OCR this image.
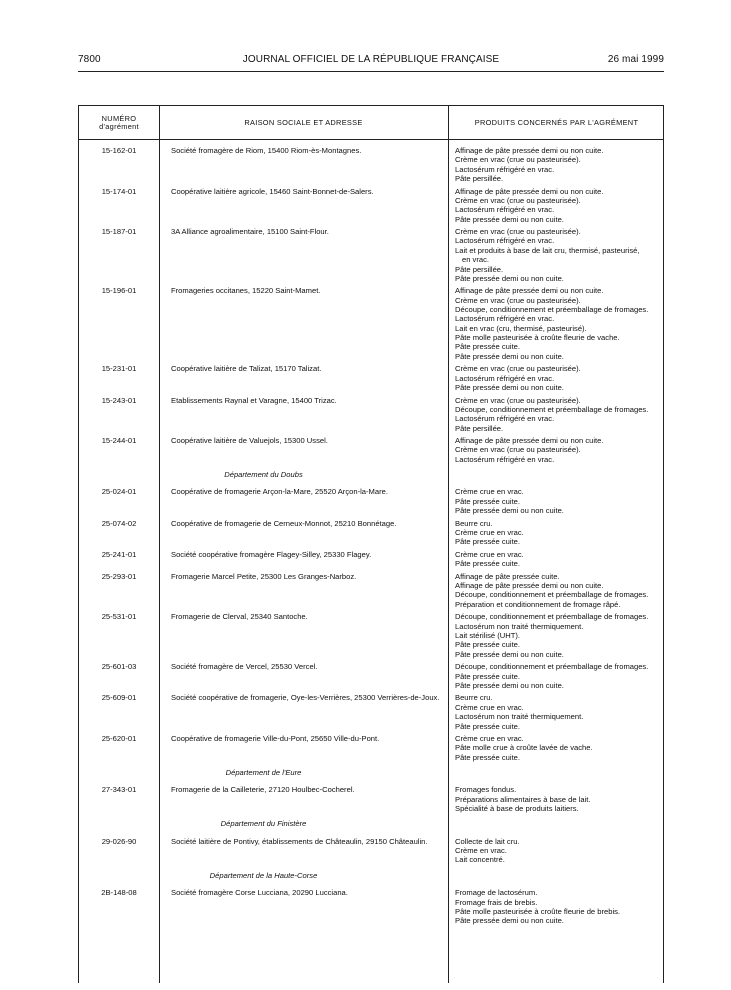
7800	JOURNAL OFFICIEL DE LA RÉPUBLIQUE FRANÇAISE	26 mai 1999
NUMÉRO
d'agrément	RAISON SOCIALE ET ADRESSE	PRODUITS CONCERNÉS PAR L'AGRÉMENT
15-162-01	Société fromagère de Riom, 15400 Riom-ès-Montagnes.	Affinage de pâte pressée demi ou non cuite.
Crème en vrac (crue ou pasteurisée).
Lactosérum réfrigéré en vrac.
Pâte persillée.
15-174-01	Coopérative laitière agricole, 15460 Saint-Bonnet-de-Salers.	Affinage de pâte pressée demi ou non cuite.
Crème en vrac (crue ou pasteurisée).
Lactosérum réfrigéré en vrac.
Pâte pressée demi ou non cuite.
15-187-01	3A Alliance agroalimentaire, 15100 Saint-Flour.	Crème en vrac (crue ou pasteurisée).
Lactosérum réfrigéré en vrac.
Lait et produits à base de lait cru, thermisé, pasteurisé,
en vrac.
Pâte persillée.
Pâte pressée demi ou non cuite.
15-196-01	Fromageries occitanes, 15220 Saint-Mamet.	Affinage de pâte pressée demi ou non cuite.
Crème en vrac (crue ou pasteurisée).
Découpe, conditionnement et préemballage de fromages.
Lactosérum réfrigéré en vrac.
Lait en vrac (cru, thermisé, pasteurisé).
Pâte molle pasteurisée à croûte fleurie de vache.
Pâte pressée cuite.
Pâte pressée demi ou non cuite.
15-231-01	Coopérative laitière de Talizat, 15170 Talizat.	Crème en vrac (crue ou pasteurisée).
Lactosérum réfrigéré en vrac.
Pâte pressée demi ou non cuite.
15-243-01	Etablissements Raynal et Varagne, 15400 Trizac.	Crème en vrac (crue ou pasteurisée).
Découpe, conditionnement et préemballage de fromages.
Lactosérum réfrigéré en vrac.
Pâte persillée.
15-244-01	Coopérative laitière de Valuejols, 15300 Ussel.	Affinage de pâte pressée demi ou non cuite.
Crème en vrac (crue ou pasteurisée).
Lactosérum réfrigéré en vrac.
Département du Doubs
25-024-01	Coopérative de fromagerie Arçon-la-Mare, 25520 Arçon-la-Mare.	Crème crue en vrac.
Pâte pressée cuite.
Pâte pressée demi ou non cuite.
25-074-02	Coopérative de fromagerie de Cerneux-Monnot, 25210 Bonnétage.	Beurre cru.
Crème crue en vrac.
Pâte pressée cuite.
25-241-01	Société coopérative fromagère Flagey-Silley, 25330 Flagey.	Crème crue en vrac.
Pâte pressée cuite.
25-293-01	Fromagerie Marcel Petite, 25300 Les Granges-Narboz.	Affinage de pâte pressée cuite.
Affinage de pâte pressée demi ou non cuite.
Découpe, conditionnement et préemballage de fromages.
Préparation et conditionnement de fromage râpé.
25-531-01	Fromagerie de Clerval, 25340 Santoche.	Découpe, conditionnement et préemballage de fromages.
Lactosérum non traité thermiquement.
Lait stérilisé (UHT).
Pâte pressée cuite.
Pâte pressée demi ou non cuite.
25-601-03	Société fromagère de Vercel, 25530 Vercel.	Découpe, conditionnement et préemballage de fromages.
Pâte pressée cuite.
Pâte pressée demi ou non cuite.
25-609-01	Société coopérative de fromagerie, Oye-les-Verrières, 25300 Verrières-de-Joux.	Beurre cru.
Crème crue en vrac.
Lactosérum non traité thermiquement.
Pâte pressée cuite.
25-620-01	Coopérative de fromagerie Ville-du-Pont, 25650 Ville-du-Pont.	Crème crue en vrac.
Pâte molle crue à croûte lavée de vache.
Pâte pressée cuite.
Département de l'Eure
27-343-01	Fromagerie de la Cailleterie, 27120 Houlbec-Cocherel.	Fromages fondus.
Préparations alimentaires à base de lait.
Spécialité à base de produits laitiers.
Département du Finistère
29-026-90	Société laitière de Pontivy, établissements de Châteaulin, 29150 Châteaulin.	Collecte de lait cru.
Crème en vrac.
Lait concentré.
Département de la Haute-Corse
2B-148-08	Société fromagère Corse Lucciana, 20290 Lucciana.	Fromage de lactosérum.
Fromage frais de brebis.
Pâte molle pasteurisée à croûte fleurie de brebis.
Pâte pressée demi ou non cuite.
